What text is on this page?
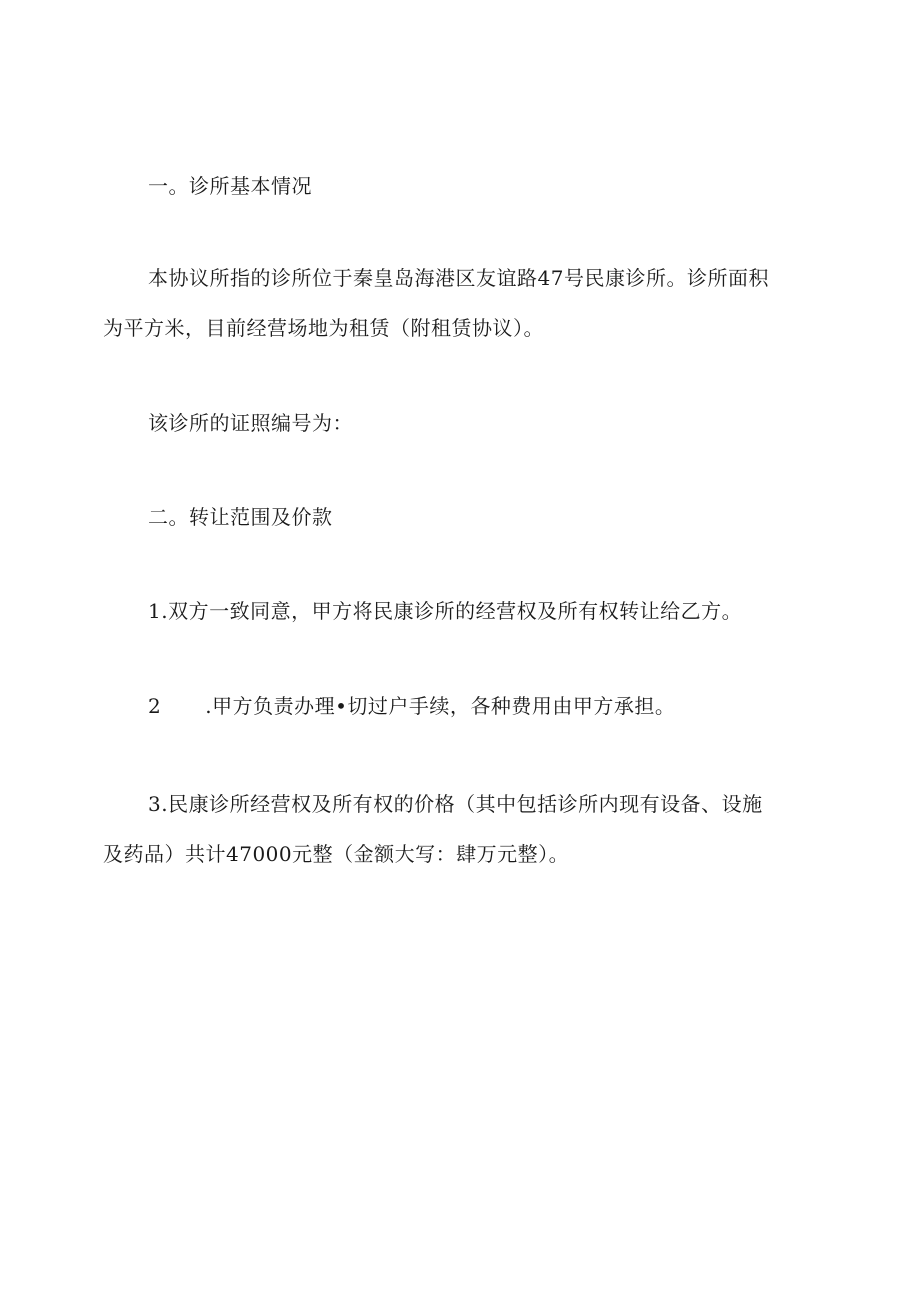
一。诊所基本情况

本协议所指的诊所位于秦皇岛海港区友谊路47号民康诊所。诊所面积

为平方米，目前经营场地为租赁（附租赁协议）。

该诊所的证照编号为：

二。转让范围及价款

1.双方一致同意，甲方将民康诊所的经营权及所有权转让给乙方。

2 .甲方负责办理•切过户手续，各种费用由甲方承担。

3.民康诊所经营权及所有权的价格（其中包括诊所内现有设备、设施

及药品）共计47000元整（金额大写：肆万元整）。
